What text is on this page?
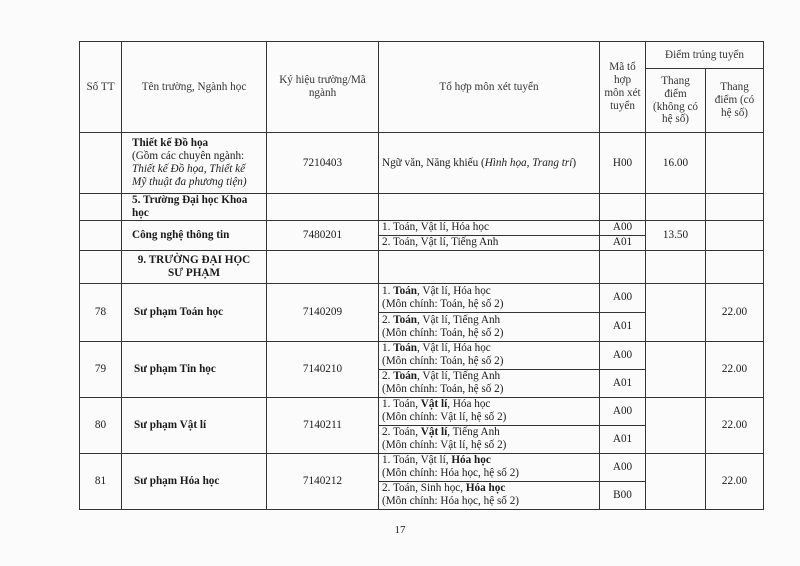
Số TT	Tên trường, Ngành học	Ký hiệu trường/Mã ngành	Tổ hợp môn xét tuyển	Mã tổ hợp môn xét tuyển	Điểm trúng tuyển	
					Thang điểm (không có hệ số)	Thang điểm (có hệ số)

	Thiết kế Đồ họa
(Gồm các chuyên ngành:
Thiết kế Đồ họa, Thiết kế
Mỹ thuật đa phương tiện)	7210403	Ngữ văn, Năng khiếu (Hình họa, Trang trí)	H00	16.00	
	5. Trường Đại học Khoa học					
	Công nghệ thông tin	7480201	1. Toán, Vật lí, Hóa học	A00	13.50	
			2. Toán, Vật lí, Tiếng Anh	A01		

	9. TRƯỜNG ĐẠI HỌC
SƯ PHẠM					

78	Sư phạm Toán học	7140209	1. Toán, Vật lí, Hóa học
(Môn chính: Toán, hệ số 2)	A00		22.00

			2. Toán, Vật lí, Tiếng Anh
(Môn chính: Toán, hệ số 2)	A01		
79	Sư phạm Tin học	7140210	1. Toán, Vật lí, Hóa học
(Môn chính: Toán, hệ số 2)	A00		22.00

			2. Toán, Vật lí, Tiếng Anh
(Môn chính: Toán, hệ số 2)	A01		
80	Sư phạm Vật lí	7140211	1. Toán, Vật lí, Hóa học
(Môn chính: Vật lí, hệ số 2)	A00		22.00

			2. Toán, Vật lí, Tiếng Anh
(Môn chính: Vật lí, hệ số 2)	A01		
81	Sư phạm Hóa học	7140212	1. Toán, Vật lí, Hóa học
(Môn chính: Hóa học, hệ số 2)	A00		22.00

			2. Toán, Sinh học, Hóa học
(Môn chính: Hóa học, hệ số 2)	B00		
17
